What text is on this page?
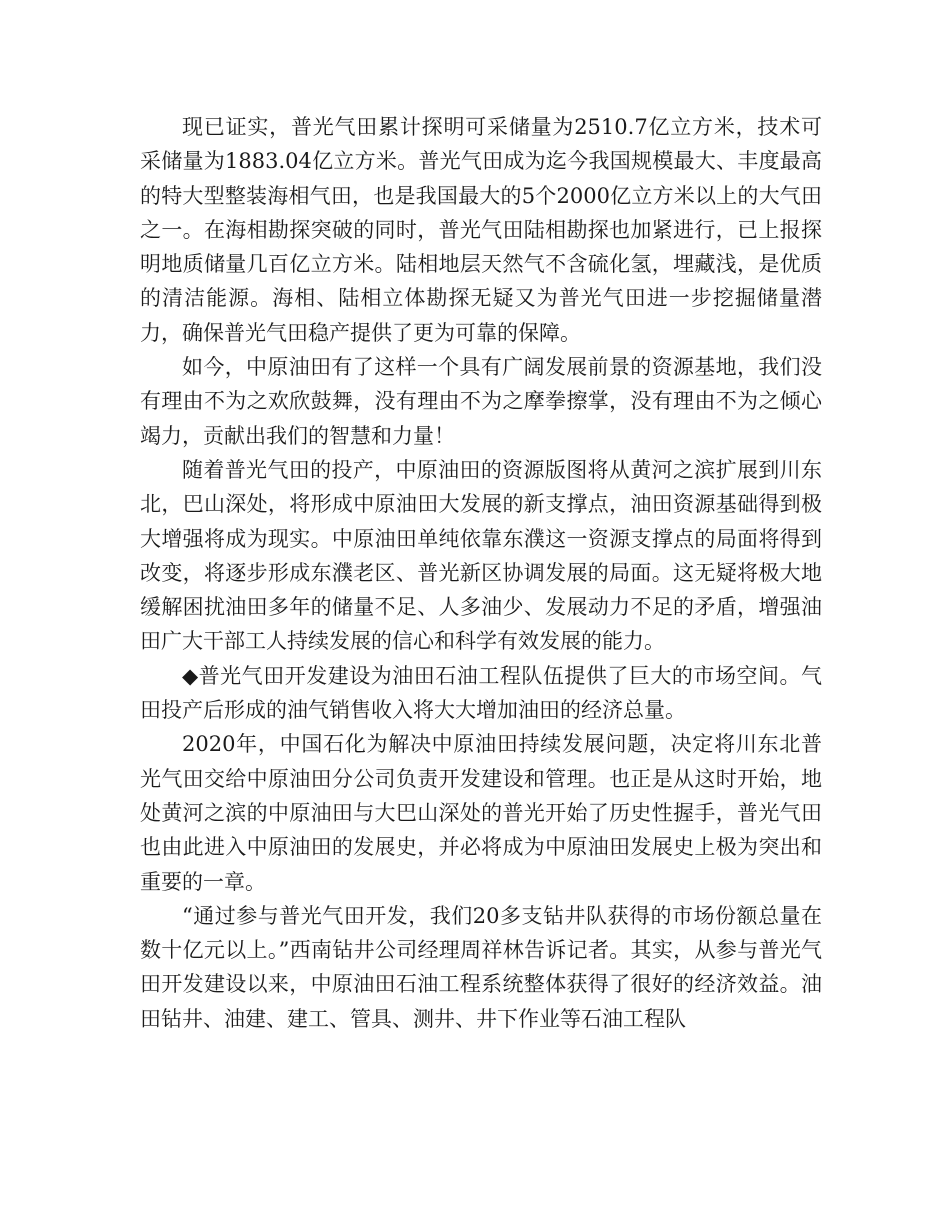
现已证实，普光气田累计探明可采储量为2510.7亿立方米，技术可采储量为1883.04亿立方米。普光气田成为迄今我国规模最大、丰度最高的特大型整装海相气田，也是我国最大的5个2000亿立方米以上的大气田之一。在海相勘探突破的同时，普光气田陆相勘探也加紧进行，已上报探明地质储量几百亿立方米。陆相地层天然气不含硫化氢，埋藏浅，是优质的清洁能源。海相、陆相立体勘探无疑又为普光气田进一步挖掘储量潜力，确保普光气田稳产提供了更为可靠的保障。

如今，中原油田有了这样一个具有广阔发展前景的资源基地，我们没有理由不为之欢欣鼓舞，没有理由不为之摩拳擦掌，没有理由不为之倾心竭力，贡献出我们的智慧和力量！

随着普光气田的投产，中原油田的资源版图将从黄河之滨扩展到川东北，巴山深处，将形成中原油田大发展的新支撑点，油田资源基础得到极大增强将成为现实。中原油田单纯依靠东濮这一资源支撑点的局面将得到改变，将逐步形成东濮老区、普光新区协调发展的局面。这无疑将极大地缓解困扰油田多年的储量不足、人多油少、发展动力不足的矛盾，增强油田广大干部工人持续发展的信心和科学有效发展的能力。

◆普光气田开发建设为油田石油工程队伍提供了巨大的市场空间。气田投产后形成的油气销售收入将大大增加油田的经济总量。

2020年，中国石化为解决中原油田持续发展问题，决定将川东北普光气田交给中原油田分公司负责开发建设和管理。也正是从这时开始，地处黄河之滨的中原油田与大巴山深处的普光开始了历史性握手，普光气田也由此进入中原油田的发展史，并必将成为中原油田发展史上极为突出和重要的一章。

“通过参与普光气田开发，我们20多支钻井队获得的市场份额总量在数十亿元以上。”西南钻井公司经理周祥林告诉记者。其实，从参与普光气田开发建设以来，中原油田石油工程系统整体获得了很好的经济效益。油田钻井、油建、建工、管具、测井、井下作业等石油工程队
